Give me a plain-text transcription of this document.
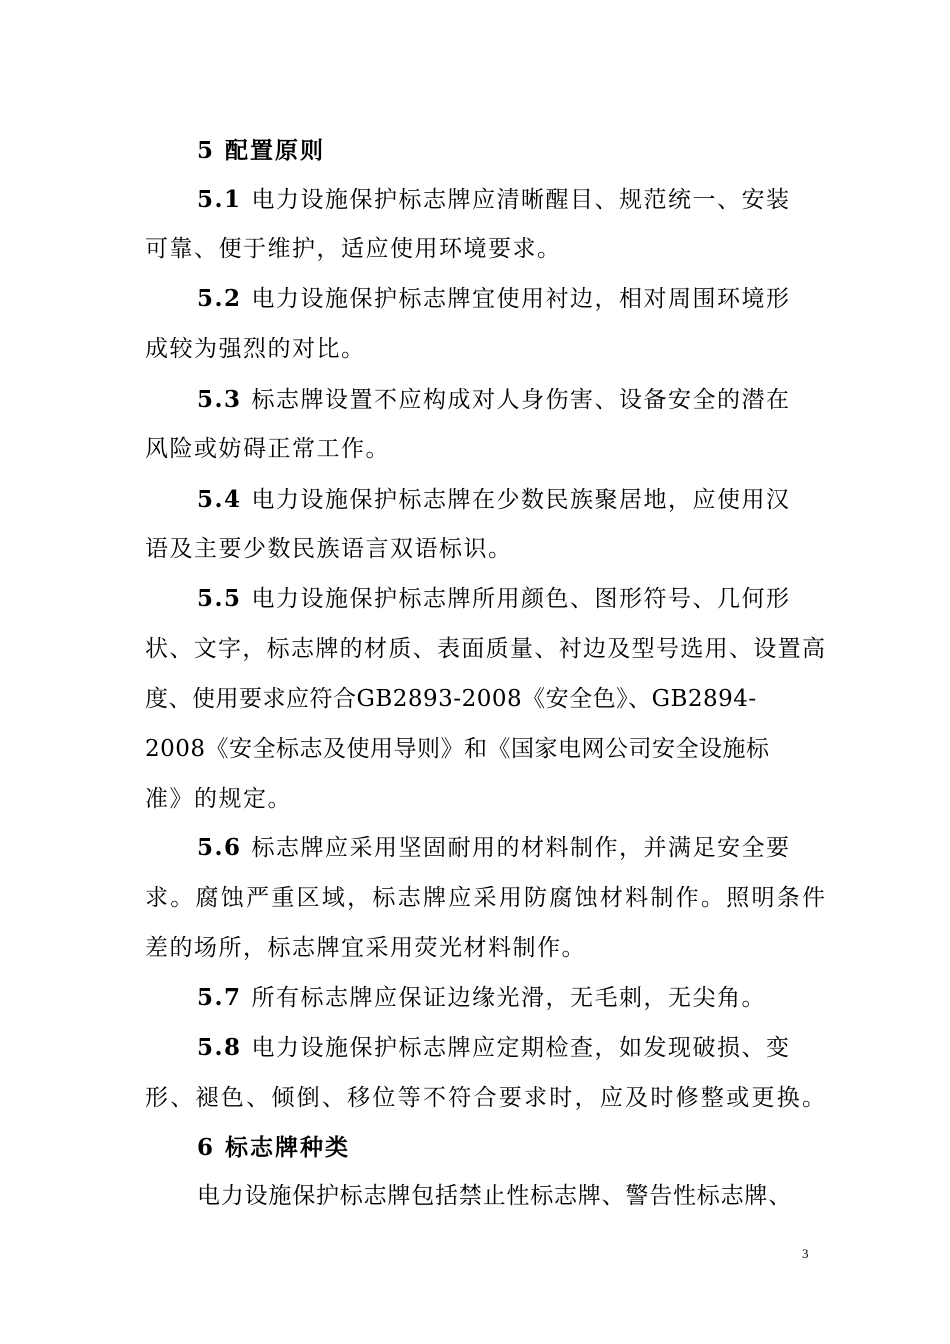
5 配置原则
5.1 电力设施保护标志牌应清晰醒目、规范统一、安装
可靠、便于维护，适应使用环境要求。
5.2 电力设施保护标志牌宜使用衬边，相对周围环境形
成较为强烈的对比。
5.3 标志牌设置不应构成对人身伤害、设备安全的潜在
风险或妨碍正常工作。
5.4 电力设施保护标志牌在少数民族聚居地，应使用汉
语及主要少数民族语言双语标识。
5.5 电力设施保护标志牌所用颜色、图形符号、几何形
状、文字，标志牌的材质、表面质量、衬边及型号选用、设置高
度、使用要求应符合GB2893-2008《安全色》、GB2894-
2008《安全标志及使用导则》和《国家电网公司安全设施标
准》的规定。
5.6 标志牌应采用坚固耐用的材料制作，并满足安全要
求。腐蚀严重区域，标志牌应采用防腐蚀材料制作。照明条件
差的场所，标志牌宜采用荧光材料制作。
5.7 所有标志牌应保证边缘光滑，无毛刺，无尖角。
5.8 电力设施保护标志牌应定期检查，如发现破损、变
形、褪色、倾倒、移位等不符合要求时，应及时修整或更换。
6 标志牌种类
电力设施保护标志牌包括禁止性标志牌、警告性标志牌、
3
